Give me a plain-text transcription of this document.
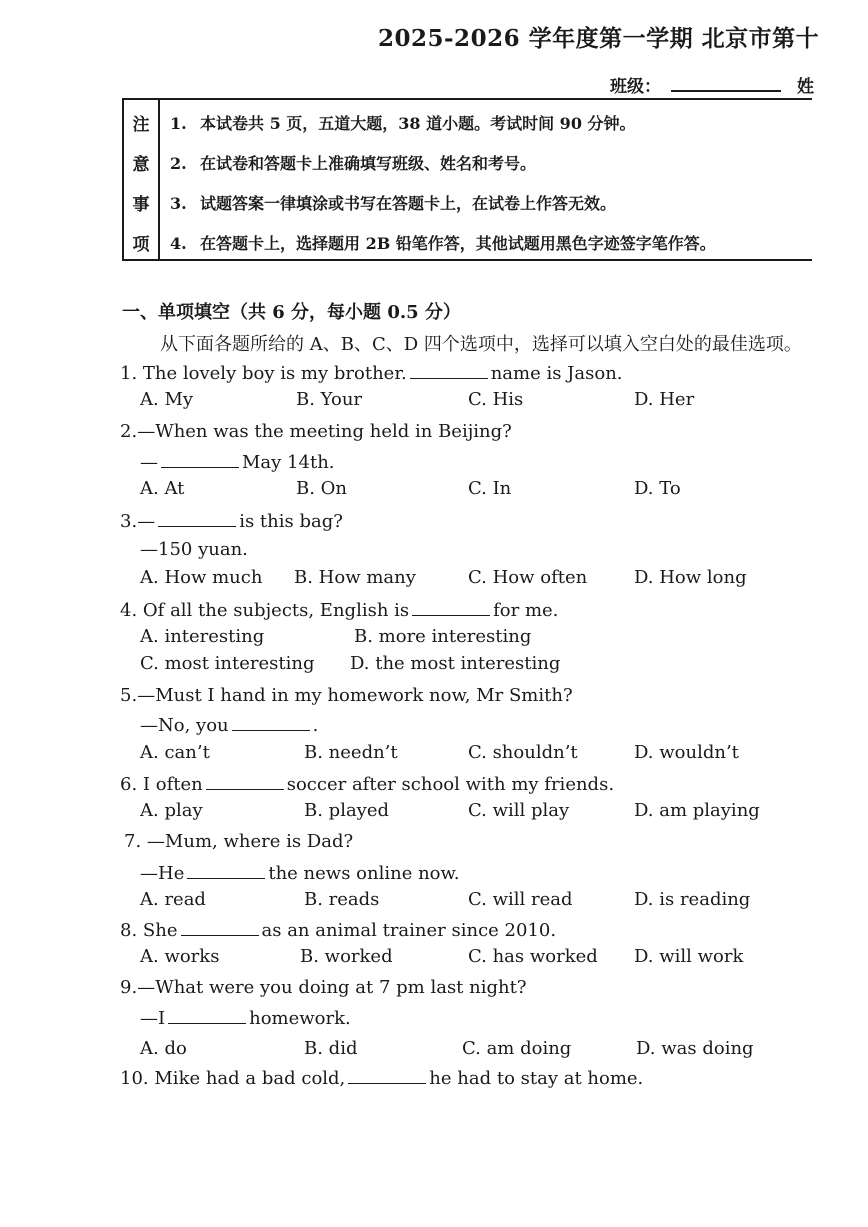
2025-2026 学年度第一学期 北京市第十
班级：	姓
注
意
事
项
1. 本试卷共 5 页，五道大题，38 道小题。考试时间 90 分钟。
2. 在试卷和答题卡上准确填写班级、姓名和考号。
3. 试题答案一律填涂或书写在答题卡上，在试卷上作答无效。
4. 在答题卡上，选择题用 2B 铅笔作答，其他试题用黑色字迹签字笔作答。
一、单项填空（共 6 分，每小题 0.5 分）
从下面各题所给的 A、B、C、D 四个选项中，选择可以填入空白处的最佳选项。
1. The lovely boy is my brother.	name is Jason.
A. My	B. Your	C. His	D. Her
2.—When was the meeting held in Beijing?
—	May 14th.
A. At	B. On	C. In	D. To
3.—	is this bag?
—150 yuan.
A. How much B. How many	C. How often	D. How long
4. Of all the subjects, English is	for me.
A. interesting	B. more interesting
C. most interesting D. the most interesting
5.—Must I hand in my homework now, Mr Smith?
—No, you	.
A. can’t	B. needn’t	C. shouldn’t	D. wouldn’t
6. I often	soccer after school with my friends.
A. play	B. played	C. will play	D. am playing
7. —Mum, where is Dad?
—He	the news online now.
A. read	B. reads	C. will read	D. is reading
8. She	as an animal trainer since 2010.
A. works	B. worked	C. has worked D. will work
9.—What were you doing at 7 pm last night?
—I	homework.
A. do	B. did	C. am doing	D. was doing
10. Mike had a bad cold,	he had to stay at home.
